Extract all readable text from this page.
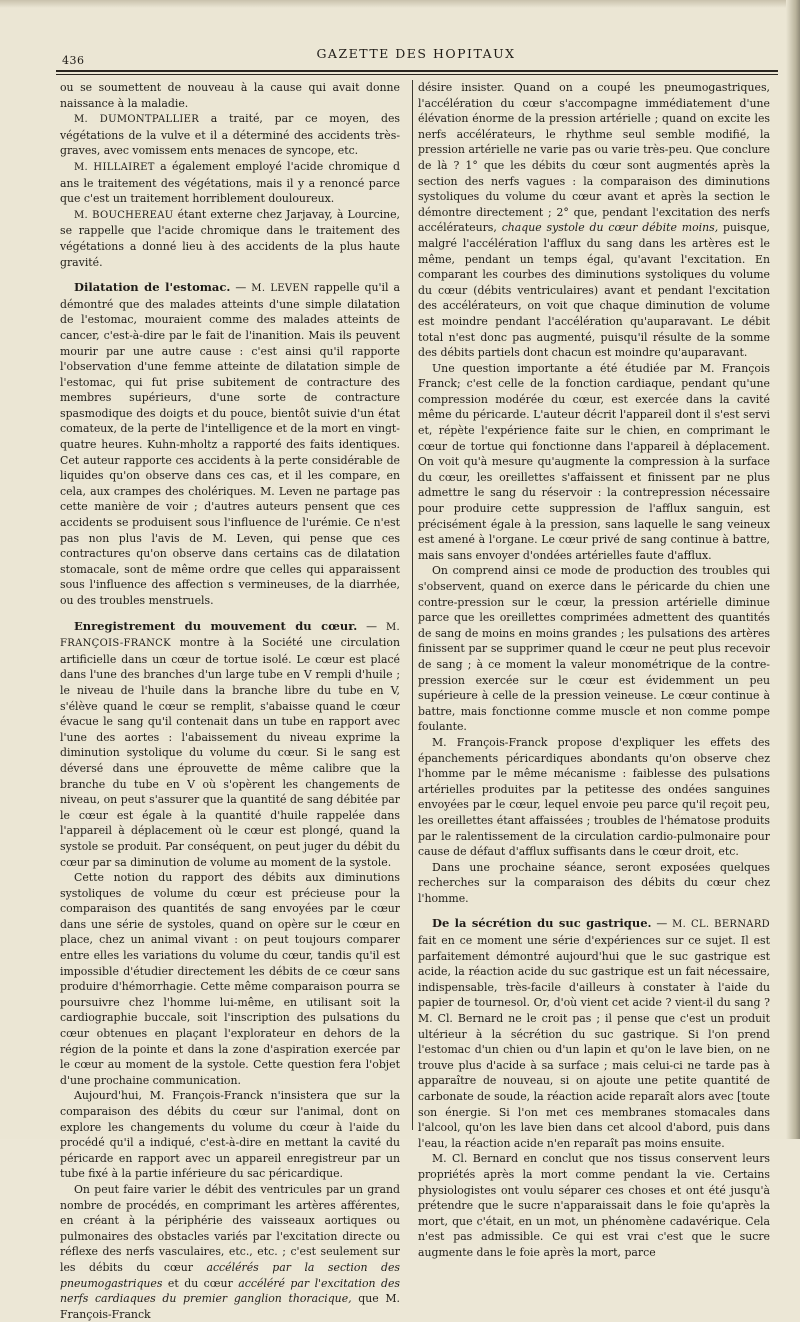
436	GAZETTE DES HOPITAUX

ou se soumettent de nouveau à la cause qui avait donne naissance à la maladie.

M. DUMONTPALLIER a traité, par ce moyen, des végétations de la vulve et il a déterminé des accidents très-graves, avec vomissem ents menaces de syncope, etc.

M. HILLAIRET a également employé l'acide chromique d ans le traitement des végétations, mais il y a renoncé parce que c'est un traitement horriblement douloureux.

M. BOUCHEREAU étant externe chez Jarjavay, à Lourcine, se rappelle que l'acide chromique dans le traitement des végétations a donné lieu à des accidents de la plus haute gravité.

Dilatation de l'estomac. — M. LEVEN rappelle qu'il a démontré que des malades atteints d'une simple dilatation de l'estomac, mouraient comme des malades atteints de cancer, c'est-à-dire par le fait de l'inanition. Mais ils peuvent mourir par une autre cause : c'est ainsi qu'il rapporte l'observation d'une femme atteinte de dilatation simple de l'estomac, qui fut prise subitement de contracture des membres supérieurs, d'une sorte de contracture spasmodique des doigts et du pouce, bientôt suivie d'un état comateux, de la perte de l'intelligence et de la mort en vingt-quatre heures. Kuhn-mholtz a rapporté des faits identiques. Cet auteur rapporte ces accidents à la perte considérable de liquides qu'on observe dans ces cas, et il les compare, en cela, aux crampes des cholériques. M. Leven ne partage pas cette manière de voir ; d'autres auteurs pensent que ces accidents se produisent sous l'influence de l'urémie. Ce n'est pas non plus l'avis de M. Leven, qui pense que ces contractures qu'on observe dans certains cas de dilatation stomacale, sont de même ordre que celles qui apparaissent sous l'influence des affection s vermineuses, de la diarrhée, ou des troubles menstruels.

Enregistrement du mouvement du cœur. — M. FRANÇOIS-FRANCK montre à la Société une circulation artificielle dans un cœur de tortue isolé. Le cœur est placé dans l'une des branches d'un large tube en V rempli d'huile ; le niveau de l'huile dans la branche libre du tube en V, s'élève quand le cœur se remplit, s'abaisse quand le cœur évacue le sang qu'il contenait dans un tube en rapport avec l'une des aortes : l'abaissement du niveau exprime la diminution systolique du volume du cœur. Si le sang est déversé dans une éprouvette de même calibre que la branche du tube en V où s'opèrent les changements de niveau, on peut s'assurer que la quantité de sang débitée par le cœur est égale à la quantité d'huile rappelée dans l'appareil à déplacement où le cœur est plongé, quand la systole se produit. Par conséquent, on peut juger du débit du cœur par sa diminution de volume au moment de la systole.

Cette notion du rapport des débits aux diminutions systoliques de volume du cœur est précieuse pour la comparaison des quantités de sang envoyées par le cœur dans une série de systoles, quand on opère sur le cœur en place, chez un animal vivant : on peut toujours comparer entre elles les variations du volume du cœur, tandis qu'il est impossible d'étudier directement les débits de ce cœur sans produire d'hémorrhagie. Cette même comparaison pourra se poursuivre chez l'homme lui-même, en utilisant soit la cardiographie buccale, soit l'inscription des pulsations du cœur obtenues en plaçant l'explorateur en dehors de la région de la pointe et dans la zone d'aspiration exercée par le cœur au moment de la systole. Cette question fera l'objet d'une prochaine communication.

Aujourd'hui, M. François-Franck n'insistera que sur la comparaison des débits du cœur sur l'animal, dont on explore les changements du volume du cœur à l'aide du procédé qu'il a indiqué, c'est-à-dire en mettant la cavité du péricarde en rapport avec un appareil enregistreur par un tube fixé à la partie inférieure du sac péricardique.

On peut faire varier le débit des ventricules par un grand nombre de procédés, en comprimant les artères afférentes, en créant à la périphérie des vaisseaux aortiques ou pulmonaires des obstacles variés par l'excitation directe ou réflexe des nerfs vasculaires, etc., etc. ; c'est seulement sur les débits du cœur accélérés par la section des pneumogastriques et du cœur accéléré par l'excitation des nerfs cardiaques du premier ganglion thoracique, que M. François-Franck

désire insister. Quand on a coupé les pneumogastriques, l'accélération du cœur s'accompagne immédiatement d'une élévation énorme de la pression artérielle ; quand on excite les nerfs accélérateurs, le rhythme seul semble modifié, la pression artérielle ne varie pas ou varie très-peu. Que conclure de là ? 1° que les débits du cœur sont augmentés après la section des nerfs vagues : la comparaison des diminutions systoliques du volume du cœur avant et après la section le démontre directement ; 2° que, pendant l'excitation des nerfs accélérateurs, chaque systole du cœur débite moins, puisque, malgré l'accélération l'afflux du sang dans les artères est le même, pendant un temps égal, qu'avant l'excitation. En comparant les courbes des diminutions systoliques du volume du cœur (débits ventriculaires) avant et pendant l'excitation des accélérateurs, on voit que chaque diminution de volume est moindre pendant l'accélération qu'auparavant. Le débit total n'est donc pas augmenté, puisqu'il résulte de la somme des débits partiels dont chacun est moindre qu'auparavant.

Une question importante a été étudiée par M. François Franck; c'est celle de la fonction cardiaque, pendant qu'une compression modérée du cœur, est exercée dans la cavité même du péricarde. L'auteur décrit l'appareil dont il s'est servi et, répète l'expérience faite sur le chien, en comprimant le cœur de tortue qui fonctionne dans l'appareil à déplacement. On voit qu'à mesure qu'augmente la compression à la surface du cœur, les oreillettes s'affaissent et finissent par ne plus admettre le sang du réservoir : la contrepression nécessaire pour produire cette suppression de l'afflux sanguin, est précisément égale à la pression, sans laquelle le sang veineux est amené à l'organe. Le cœur privé de sang continue à battre, mais sans envoyer d'ondées artérielles faute d'afflux.

On comprend ainsi ce mode de production des troubles qui s'observent, quand on exerce dans le péricarde du chien une contre-pression sur le cœur, la pression artérielle diminue parce que les oreillettes comprimées admettent des quantités de sang de moins en moins grandes ; les pulsations des artères finissent par se supprimer quand le cœur ne peut plus recevoir de sang ; à ce moment la valeur monométrique de la contre-pression exercée sur le cœur est évidemment un peu supérieure à celle de la pression veineuse. Le cœur continue à battre, mais fonctionne comme muscle et non comme pompe foulante.

M. François-Franck propose d'expliquer les effets des épanchements péricardiques abondants qu'on observe chez l'homme par le même mécanisme : faiblesse des pulsations artérielles produites par la petitesse des ondées sanguines envoyées par le cœur, lequel envoie peu parce qu'il reçoit peu, les oreillettes étant affaissées ; troubles de l'hématose produits par le ralentissement de la circulation cardio-pulmonaire pour cause de défaut d'afflux suffisants dans le cœur droit, etc.

Dans une prochaine séance, seront exposées quelques recherches sur la comparaison des débits du cœur chez l'homme.

De la sécrétion du suc gastrique. — M. CL. BERNARD fait en ce moment une série d'expériences sur ce sujet. Il est parfaitement démontré aujourd'hui que le suc gastrique est acide, la réaction acide du suc gastrique est un fait nécessaire, indispensable, très-facile d'ailleurs à constater à l'aide du papier de tournesol. Or, d'où vient cet acide ? vient-il du sang ? M. Cl. Bernard ne le croit pas ; il pense que c'est un produit ultérieur à la sécrétion du suc gastrique. Si l'on prend l'estomac d'un chien ou d'un lapin et qu'on le lave bien, on ne trouve plus d'acide à sa surface ; mais celui-ci ne tarde pas à apparaître de nouveau, si on ajoute une petite quantité de carbonate de soude, la réaction acide reparaît alors avec [toute son énergie. Si l'on met ces membranes stomacales dans l'alcool, qu'on les lave bien dans cet alcool d'abord, puis dans l'eau, la réaction acide n'en reparaît pas moins ensuite.

M. Cl. Bernard en conclut que nos tissus conservent leurs propriétés après la mort comme pendant la vie. Certains physiologistes ont voulu séparer ces choses et ont été jusqu'à prétendre que le sucre n'apparaissait dans le foie qu'après la mort, que c'était, en un mot, un phénomène cadavérique. Cela n'est pas admissible. Ce qui est vrai c'est que le sucre augmente dans le foie après la mort, parce
